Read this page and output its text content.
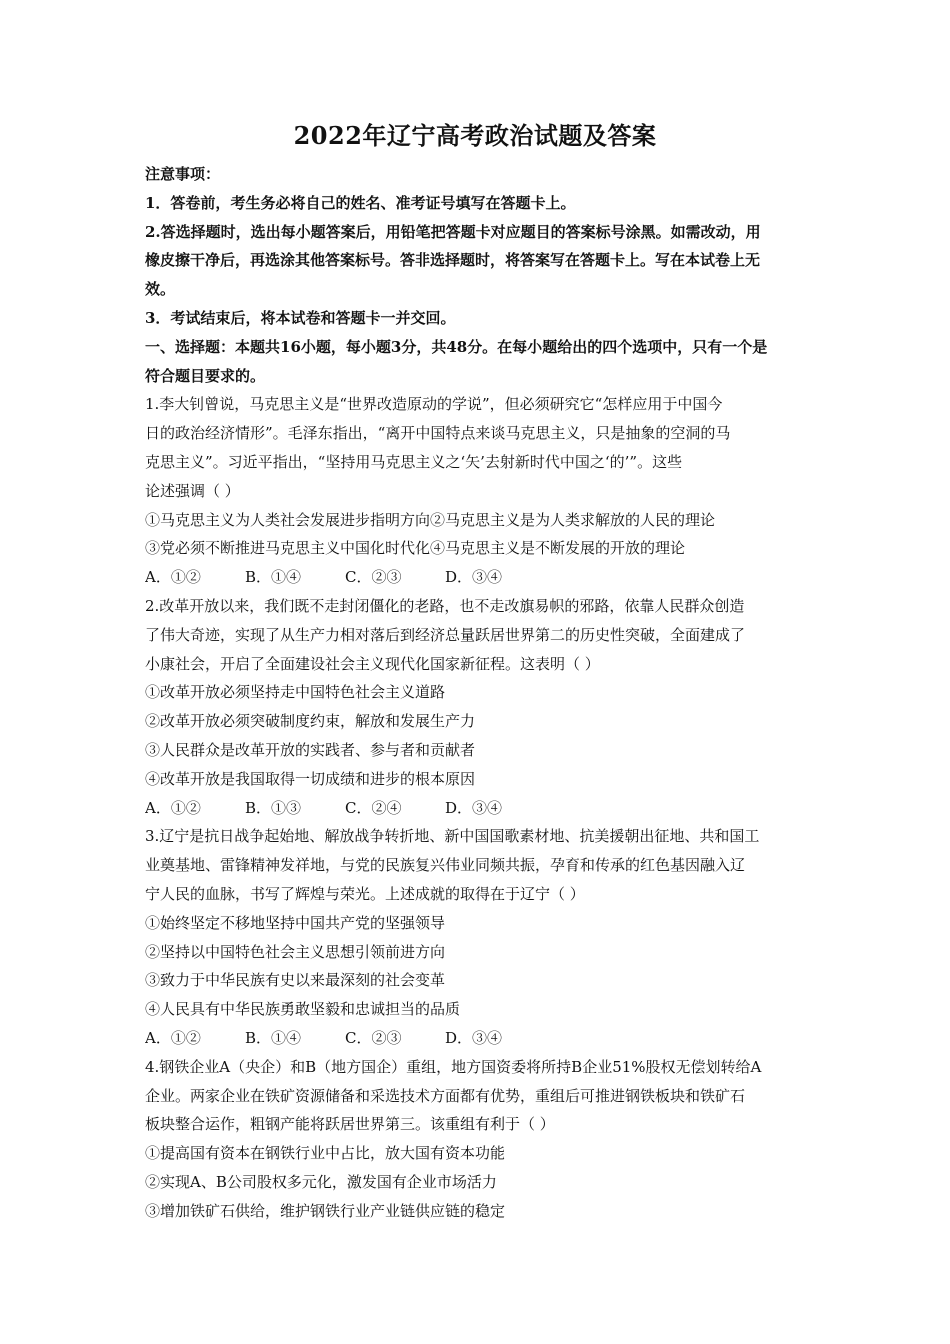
2022年辽宁高考政治试题及答案
注意事项：
1．答卷前，考生务必将自己的姓名、准考证号填写在答题卡上。
2.答选择题时，选出每小题答案后，用铅笔把答题卡对应题目的答案标号涂黑。如需改动，用
橡皮擦干净后，再选涂其他答案标号。答非选择题时，将答案写在答题卡上。写在本试卷上无
效。
3．考试结束后，将本试卷和答题卡一并交回。
一、选择题：本题共16小题，每小题3分，共48分。在每小题给出的四个选项中，只有一个是
符合题目要求的。
1.李大钊曾说，马克思主义是“世界改造原动的学说”，但必须研究它“怎样应用于中国今
日的政治经济情形”。毛泽东指出，“离开中国特点来谈马克思主义，只是抽象的空洞的马
克思主义”。习近平指出，“坚持用马克思主义之‘矢’去射新时代中国之‘的’”。这些
论述强调（ ）
①马克思主义为人类社会发展进步指明方向②马克思主义是为人类求解放的人民的理论
③党必须不断推进马克思主义中国化时代化④马克思主义是不断发展的开放的理论
A．①②	B．①④	C．②③	D．③④
2.改革开放以来，我们既不走封闭僵化的老路，也不走改旗易帜的邪路，依靠人民群众创造
了伟大奇迹，实现了从生产力相对落后到经济总量跃居世界第二的历史性突破，全面建成了
小康社会，开启了全面建设社会主义现代化国家新征程。这表明（ ）
①改革开放必须坚持走中国特色社会主义道路
②改革开放必须突破制度约束，解放和发展生产力
③人民群众是改革开放的实践者、参与者和贡献者
④改革开放是我国取得一切成绩和进步的根本原因
A．①②	B．①③	C．②④	D．③④
3.辽宁是抗日战争起始地、解放战争转折地、新中国国歌素材地、抗美援朝出征地、共和国工
业奠基地、雷锋精神发祥地，与党的民族复兴伟业同频共振，孕育和传承的红色基因融入辽
宁人民的血脉，书写了辉煌与荣光。上述成就的取得在于辽宁（ ）
①始终坚定不移地坚持中国共产党的坚强领导
②坚持以中国特色社会主义思想引领前进方向
③致力于中华民族有史以来最深刻的社会变革
④人民具有中华民族勇敢坚毅和忠诚担当的品质
A．①②	B．①④	C．②③	D．③④
4.钢铁企业A（央企）和B（地方国企）重组，地方国资委将所持B企业51%股权无偿划转给A
企业。两家企业在铁矿资源储备和采选技术方面都有优势，重组后可推进钢铁板块和铁矿石
板块整合运作，粗钢产能将跃居世界第三。该重组有利于（ ）
①提高国有资本在钢铁行业中占比，放大国有资本功能
②实现A、B公司股权多元化，激发国有企业市场活力
③增加铁矿石供给，维护钢铁行业产业链供应链的稳定
